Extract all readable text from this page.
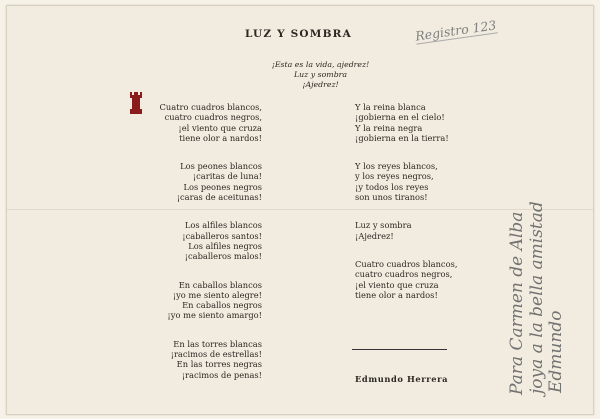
LUZ Y SOMBRA	Registro 123
¡Esta es la vida, ajedrez!
Luz y sombra
¡Ajedrez!

Cuatro cuadros blancos,

cuatro cuadros negros,

¡el viento que cruza

tiene olor a nardos!

Los peones blancos

¡caritas de luna!

Los peones negros

¡caras de aceitunas!

Los alfiles blancos

¡caballeros santos!

Los alfiles negros

¡caballeros malos!

En caballos blancos

¡yo me siento alegre!

En caballos negros

¡yo me siento amargo!

En las torres blancas

¡racimos de estrellas!

En las torres negras

¡racimos de penas!

Y la reina blanca

¡gobierna en el cielo!

Y la reina negra

¡gobierna en la tierra!

Y los reyes blancos,

y los reyes negros,

¡y todos los reyes

son unos tiranos!

Luz y sombra

¡Ajedrez!

Cuatro cuadros blancos,

cuatro cuadros negros,

¡el viento que cruza

tiene olor a nardos!

Edmundo Herrera	Para Carmen de Alba joya a la bella amistad Edmundo
